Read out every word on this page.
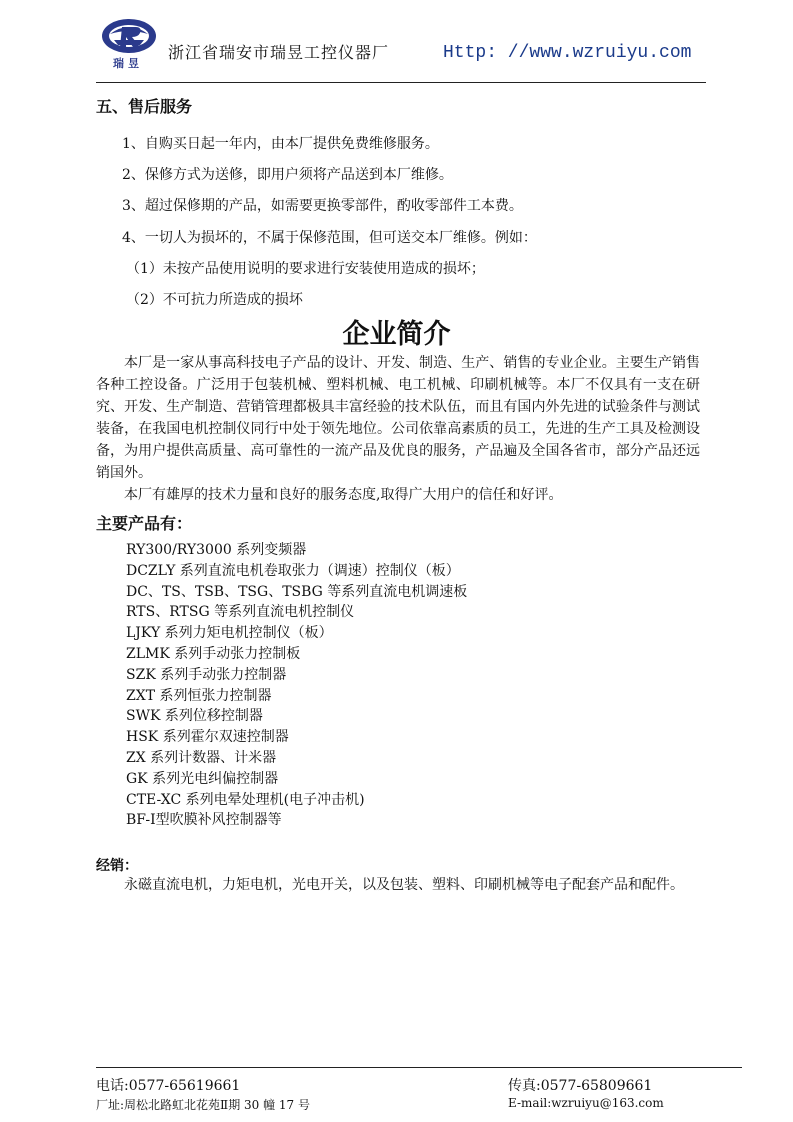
瑞昱
浙江省瑞安市瑞昱工控仪器厂	Http: //www.wzruiyu.com
五、售后服务
1、自购买日起一年内，由本厂提供免费维修服务。
2、保修方式为送修，即用户须将产品送到本厂维修。
3、超过保修期的产品，如需要更换零部件，酌收零部件工本费。
4、一切人为损坏的，不属于保修范围，但可送交本厂维修。例如：
（1）未按产品使用说明的要求进行安装使用造成的损坏；
（2）不可抗力所造成的损坏
企业简介

本厂是一家从事高科技电子产品的设计、开发、制造、生产、销售的专业企业。主要生产销售各种工控设备。广泛用于包装机械、塑料机械、电工机械、印刷机械等。本厂不仅具有一支在研究、开发、生产制造、营销管理都极具丰富经验的技术队伍，而且有国内外先进的试验条件与测试装备，在我国电机控制仪同行中处于领先地位。公司依靠高素质的员工，先进的生产工具及检测设备，为用户提供高质量、高可靠性的一流产品及优良的服务，产品遍及全国各省市，部分产品还远销国外。

本厂有雄厚的技术力量和良好的服务态度,取得广大用户的信任和好评。

主要产品有：
RY300/RY3000 系列变频器
DCZLY 系列直流电机卷取张力（调速）控制仪（板）
DC、TS、TSB、TSG、TSBG 等系列直流电机调速板
RTS、RTSG 等系列直流电机控制仪
LJKY 系列力矩电机控制仪（板）
ZLMK 系列手动张力控制板
SZK 系列手动张力控制器
ZXT 系列恒张力控制器
SWK 系列位移控制器
HSK 系列霍尔双速控制器
ZX 系列计数器、计米器
GK 系列光电纠偏控制器
CTE-XC 系列电晕处理机(电子冲击机)
BF-Ⅰ型吹膜补风控制器等
经销：

永磁直流电机，力矩电机，光电开关，以及包装、塑料、印刷机械等电子配套产品和配件。

电话:0577-65619661	传真:0577-65809661
厂址:周松北路虹北花苑Ⅱ期 30 幢 17 号	E-mail:wzruiyu@163.com
